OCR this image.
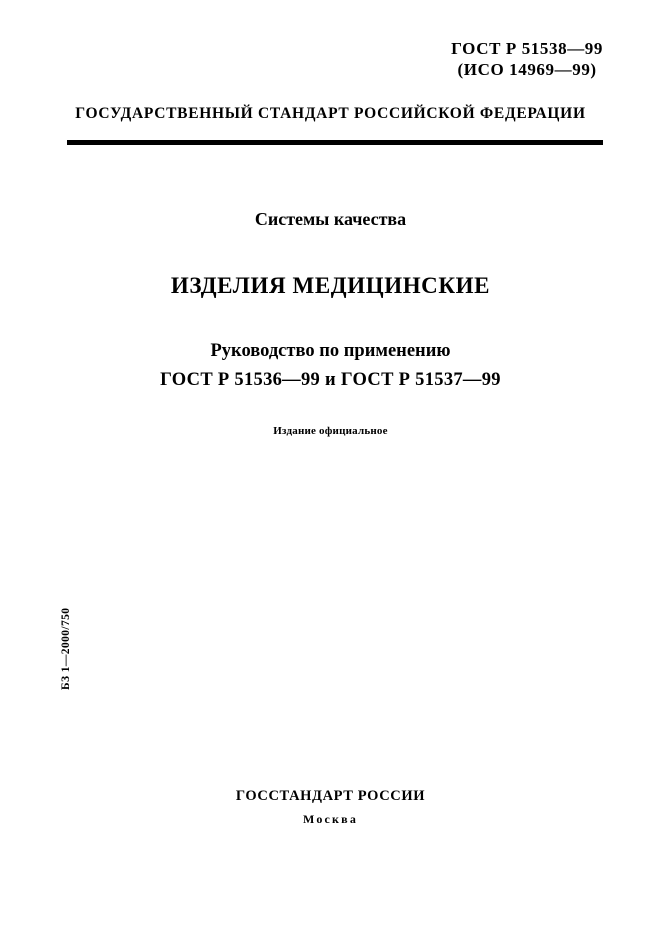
ГОСТ Р 51538—99
(ИСО 14969—99)
ГОСУДАРСТВЕННЫЙ СТАНДАРТ РОССИЙСКОЙ ФЕДЕРАЦИИ

Системы качества

ИЗДЕЛИЯ МЕДИЦИНСКИЕ

Руководство по применению

ГОСТ Р 51536—99 и ГОСТ Р 51537—99

Издание официальное
БЗ 1—2000/750

ГОССТАНДАРТ РОССИИ

Москва
